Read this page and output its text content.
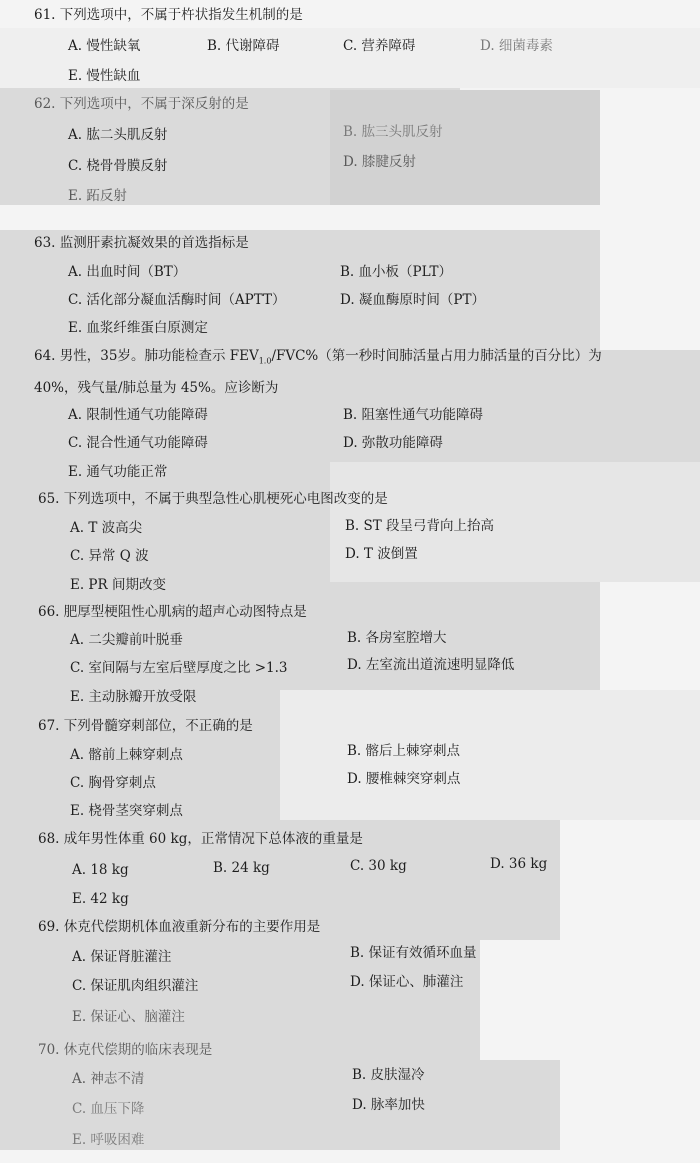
61. 下列选项中，不属于杵状指发生机制的是
A. 慢性缺氧	B. 代谢障碍	C. 营养障碍	D. 细菌毒素
E. 慢性缺血
62. 下列选项中，不属于深反射的是
A. 肱二头肌反射	B. 肱三头肌反射
C. 桡骨骨膜反射	D. 膝腱反射
E. 跖反射
63. 监测肝素抗凝效果的首选指标是
A. 出血时间（BT）	B. 血小板（PLT）
C. 活化部分凝血活酶时间（APTT）	D. 凝血酶原时间（PT）
E. 血浆纤维蛋白原测定
64. 男性，35岁。肺功能检查示 $FEV_{1.0}/FVC\%$（第一秒时间肺活量占用力肺活量的百分比）为 40%，残气量/肺总量为 45%。应诊断为
A. 限制性通气功能障碍	B. 阻塞性通气功能障碍
C. 混合性通气功能障碍	D. 弥散功能障碍
E. 通气功能正常
65. 下列选项中，不属于典型急性心肌梗死心电图改变的是
A. T 波高尖	B. ST 段呈弓背向上抬高
C. 异常 Q 波	D. T 波倒置
E. PR 间期改变
66. 肥厚型梗阻性心肌病的超声心动图特点是
A. 二尖瓣前叶脱垂	B. 各房室腔增大
C. 室间隔与左室后壁厚度之比 >1.3	D. 左室流出道流速明显降低
E. 主动脉瓣开放受限
67. 下列骨髓穿刺部位，不正确的是
A. 髂前上棘穿刺点	B. 髂后上棘穿刺点
C. 胸骨穿刺点	D. 腰椎棘突穿刺点
E. 桡骨茎突穿刺点
68. 成年男性体重 60 kg，正常情况下总体液的重量是
A. 18 kg	B. 24 kg	C. 30 kg	D. 36 kg
E. 42 kg
69. 休克代偿期机体血液重新分布的主要作用是
A. 保证肾脏灌注	B. 保证有效循环血量
C. 保证肌肉组织灌注	D. 保证心、肺灌注
E. 保证心、脑灌注
70. 休克代偿期的临床表现是
A. 神志不清	B. 皮肤湿冷
C. 血压下降	D. 脉率加快
E. 呼吸困难
